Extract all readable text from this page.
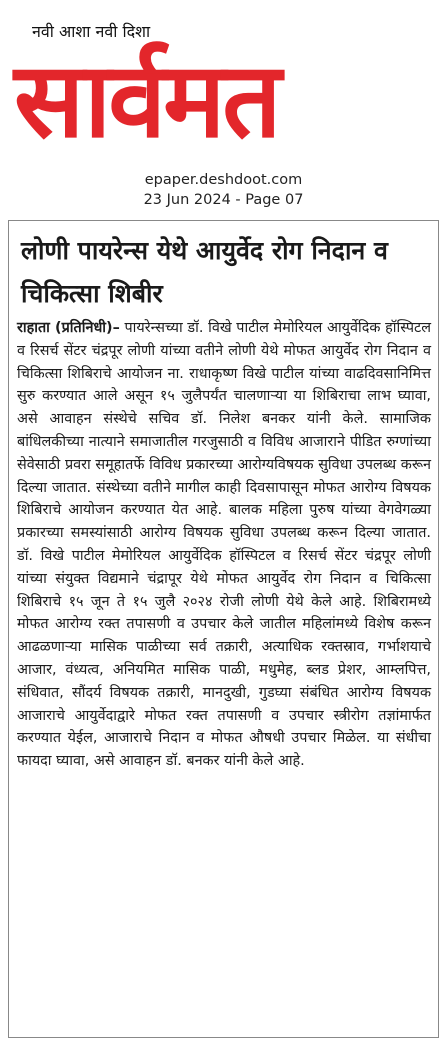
नवी आशा नवी दिशा
सार्वमत
epaper.deshdoot.com
23 Jun 2024 - Page 07
लोणी पायरेन्स येथे आयुर्वेद रोग निदान व चिकित्सा शिबीर
राहाता (प्रतिनिधी)– पायरेन्सच्या डॉ. विखे पाटील मेमोरियल आयुर्वेदिक हॉस्पिटल व रिसर्च सेंटर चंद्रपूर लोणी यांच्या वतीने लोणी येथे मोफत आयुर्वेद रोग निदान व चिकित्सा शिबिराचे आयोजन ना. राधाकृष्ण विखे पाटील यांच्या वाढदिवसानिमित्त सुरु करण्यात आले असून १५ जुलैपर्यंत चालणाऱ्या या शिबिराचा लाभ घ्यावा, असे आवाहन संस्थेचे सचिव डॉ. निलेश बनकर यांनी केले. सामाजिक बांधिलकीच्या नात्याने समाजातील गरजुसाठी व विविध आजाराने पीडित रुग्णांच्या सेवेसाठी प्रवरा समूहातर्फे विविध प्रकारच्या आरोग्यविषयक सुविधा उपलब्ध करून दिल्या जातात. संस्थेच्या वतीने मागील काही दिवसापासून मोफत आरोग्य विषयक शिबिराचे आयोजन करण्यात येत आहे. बालक महिला पुरुष यांच्या वेगवेगळ्या प्रकारच्या समस्यांसाठी आरोग्य विषयक सुविधा उपलब्ध करून दिल्या जातात. डॉ. विखे पाटील मेमोरियल आयुर्वेदिक हॉस्पिटल व रिसर्च सेंटर चंद्रपूर लोणी यांच्या संयुक्त विद्यमाने चंद्रापूर येथे मोफत आयुर्वेद रोग निदान व चिकित्सा शिबिराचे १५ जून ते १५ जुलै २०२४ रोजी लोणी येथे केले आहे. शिबिरामध्ये मोफत आरोग्य रक्त तपासणी व उपचार केले जातील महिलांमध्ये विशेष करून आढळणाऱ्या मासिक पाळीच्या सर्व तक्रारी, अत्याधिक रक्तस्राव, गर्भाशयाचे आजार, वंध्यत्व, अनियमित मासिक पाळी, मधुमेह, ब्लड प्रेशर, आम्लपित्त, संधिवात, सौंदर्य विषयक तक्रारी, मानदुखी, गुडघ्या संबंधित आरोग्य विषयक आजाराचे आयुर्वेदाद्वारे मोफत रक्त तपासणी व उपचार स्त्रीरोग तज्ञांमार्फत करण्यात येईल, आजाराचे निदान व मोफत औषधी उपचार मिळेल. या संधीचा फायदा घ्यावा, असे आवाहन डॉ. बनकर यांनी केले आहे.
